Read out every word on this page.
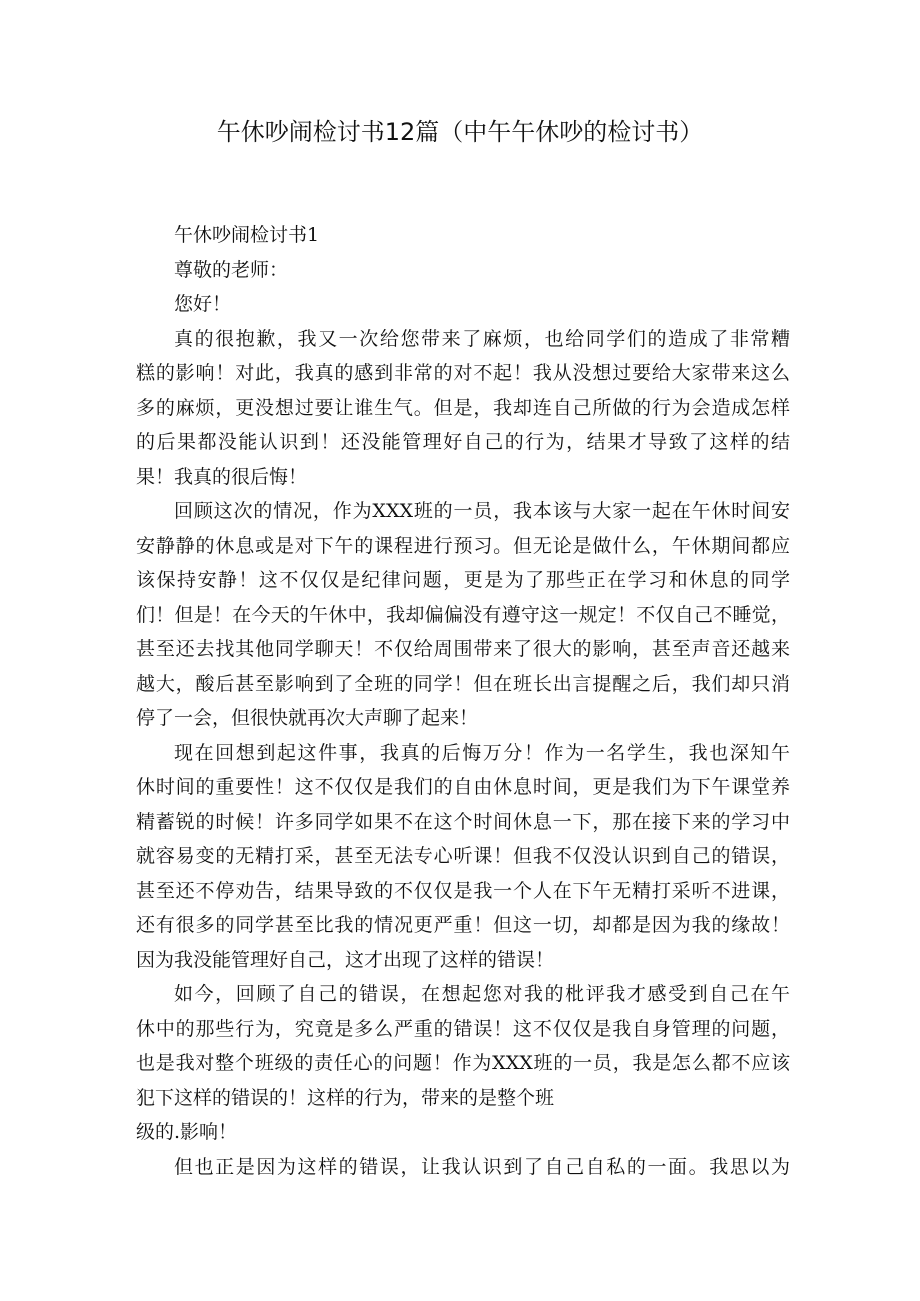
午休吵闹检讨书12篇（中午午休吵的检讨书）
午休吵闹检讨书1
尊敬的老师：
您好！
真的很抱歉，我又一次给您带来了麻烦，也给同学们的造成了非常糟
糕的影响！对此，我真的感到非常的对不起！我从没想过要给大家带来这么
多的麻烦，更没想过要让谁生气。但是，我却连自己所做的行为会造成怎样
的后果都没能认识到！还没能管理好自己的行为，结果才导致了这样的结
果！我真的很后悔！
回顾这次的情况，作为XXX班的一员，我本该与大家一起在午休时间安
安静静的休息或是对下午的课程进行预习。但无论是做什么，午休期间都应
该保持安静！这不仅仅是纪律问题，更是为了那些正在学习和休息的同学
们！但是！在今天的午休中，我却偏偏没有遵守这一规定！不仅自己不睡觉，
甚至还去找其他同学聊天！不仅给周围带来了很大的影响，甚至声音还越来
越大，酸后甚至影响到了全班的同学！但在班长出言提醒之后，我们却只消
停了一会，但很快就再次大声聊了起来！
现在回想到起这件事，我真的后悔万分！作为一名学生，我也深知午
休时间的重要性！这不仅仅是我们的自由休息时间，更是我们为下午课堂养
精蓄锐的时候！许多同学如果不在这个时间休息一下，那在接下来的学习中
就容易变的无精打采，甚至无法专心听课！但我不仅没认识到自己的错误，
甚至还不停劝告，结果导致的不仅仅是我一个人在下午无精打采听不进课，
还有很多的同学甚至比我的情况更严重！但这一切，却都是因为我的缘故！
因为我没能管理好自己，这才出现了这样的错误！
如今，回顾了自己的错误，在想起您对我的枇评我才感受到自己在午
休中的那些行为，究竟是多么严重的错误！这不仅仅是我自身管理的问题，
也是我对整个班级的责任心的问题！作为XXX班的一员，我是怎么都不应该
犯下这样的错误的！这样的行为，带来的是整个班
级的.影响！
但也正是因为这样的错误，让我认识到了自己自私的一面。我思以为
